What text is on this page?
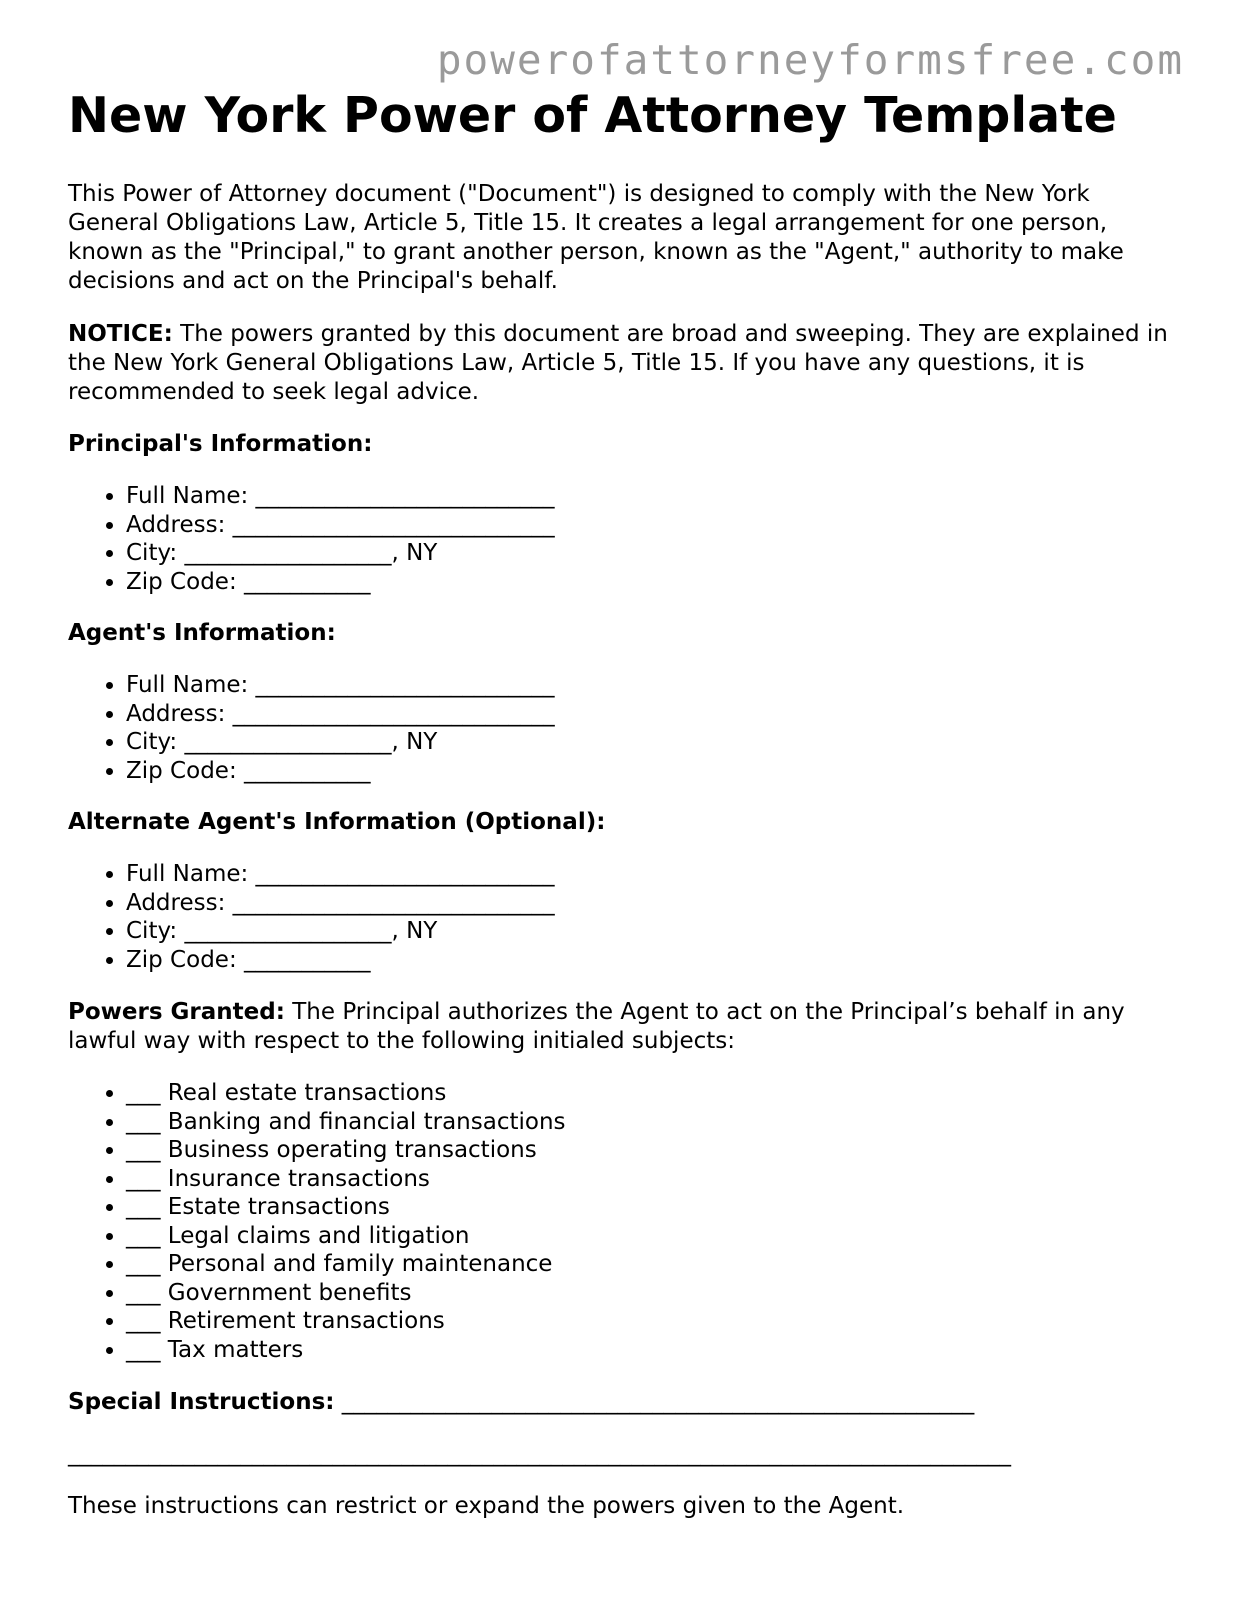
powerofattorneyformsfree.com
New York Power of Attorney Template

This Power of Attorney document ("Document") is designed to comply with the New York General Obligations Law, Article 5, Title 15. It creates a legal arrangement for one person, known as the "Principal," to grant another person, known as the "Agent," authority to make decisions and act on the Principal's behalf.

NOTICE: The powers granted by this document are broad and sweeping. They are explained in the New York General Obligations Law, Article 5, Title 15. If you have any questions, it is recommended to seek legal advice.

Principal's Information:
• Full Name: __________________________
• Address: ____________________________
• City: __________________, NY
• Zip Code: ___________
Agent's Information:
• Full Name: __________________________
• Address: ____________________________
• City: __________________, NY
• Zip Code: ___________
Alternate Agent's Information (Optional):
• Full Name: __________________________
• Address: ____________________________
• City: __________________, NY
• Zip Code: ___________

Powers Granted: The Principal authorizes the Agent to act on the Principal’s behalf in any lawful way with respect to the following initialed subjects:

• ___ Real estate transactions
• ___ Banking and financial transactions
• ___ Business operating transactions
• ___ Insurance transactions
• ___ Estate transactions
• ___ Legal claims and litigation
• ___ Personal and family maintenance
• ___ Government benefits
• ___ Retirement transactions
• ___ Tax matters

Special Instructions: _______________________________________________________

__________________________________________________________________________________

These instructions can restrict or expand the powers given to the Agent.
